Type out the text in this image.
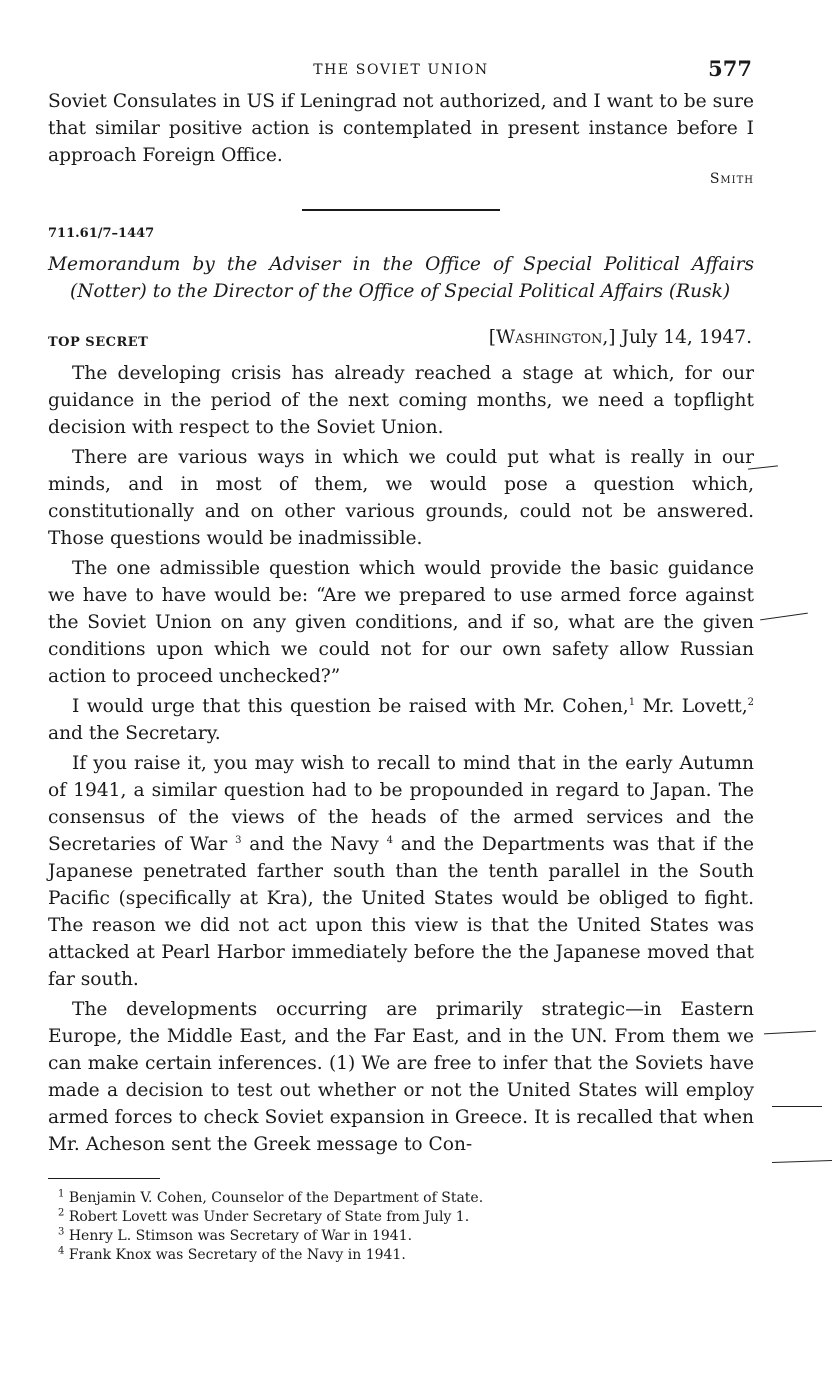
THE SOVIET UNION	577

Soviet Consulates in US if Leningrad not authorized, and I want to be sure that similar positive action is contemplated in present instance before I approach Foreign Office.

Smith
711.61/7–1447
Memorandum by the Adviser in the Office of Special Political Affairs (Notter) to the Director of the Office of Special Political Affairs (Rusk)
TOP SECRET	[Washington,] July 14, 1947.

The developing crisis has already reached a stage at which, for our guidance in the period of the next coming months, we need a topflight decision with respect to the Soviet Union.

There are various ways in which we could put what is really in our minds, and in most of them, we would pose a question which, constitutionally and on other various grounds, could not be answered. Those questions would be inadmissible.

The one admissible question which would provide the basic guidance we have to have would be: “Are we prepared to use armed force against the Soviet Union on any given conditions, and if so, what are the given conditions upon which we could not for our own safety allow Russian action to proceed unchecked?”

I would urge that this question be raised with Mr. Cohen,$^1$ Mr. Lovett,$^2$ and the Secretary.

If you raise it, you may wish to recall to mind that in the early Autumn of 1941, a similar question had to be propounded in regard to Japan. The consensus of the views of the heads of the armed services and the Secretaries of War $^3$ and the Navy $^4$ and the Departments was that if the Japanese penetrated farther south than the tenth parallel in the South Pacific (specifically at Kra), the United States would be obliged to fight. The reason we did not act upon this view is that the United States was attacked at Pearl Harbor immediately before the the Japanese moved that far south.

The developments occurring are primarily strategic—in Eastern Europe, the Middle East, and the Far East, and in the UN. From them we can make certain inferences. (1) We are free to infer that the Soviets have made a decision to test out whether or not the United States will employ armed forces to check Soviet expansion in Greece. It is recalled that when Mr. Acheson sent the Greek message to Con-

$^1$ Benjamin V. Cohen, Counselor of the Department of State.
$^2$ Robert Lovett was Under Secretary of State from July 1.
$^3$ Henry L. Stimson was Secretary of War in 1941.
$^4$ Frank Knox was Secretary of the Navy in 1941.
